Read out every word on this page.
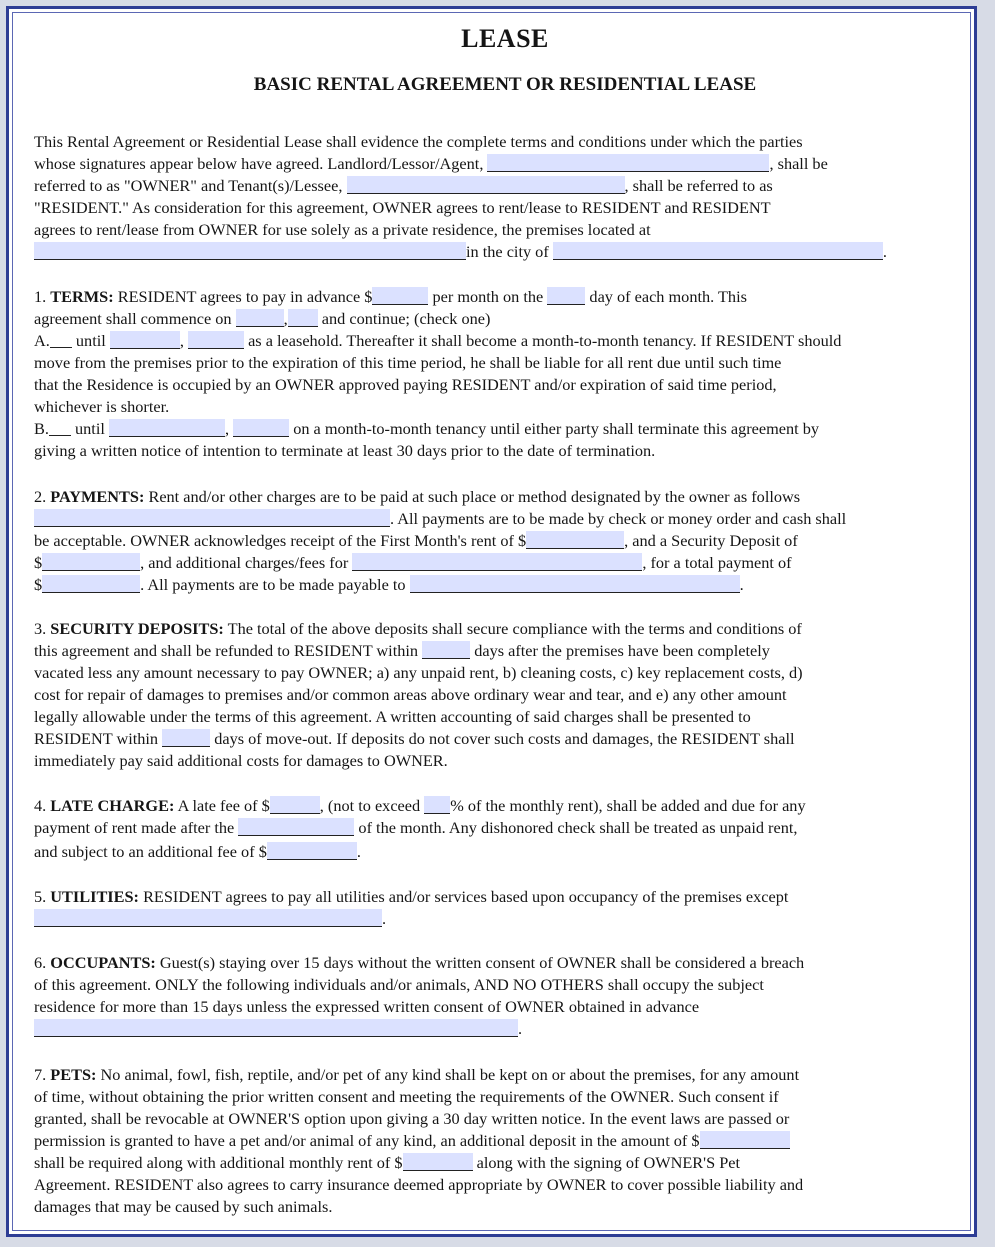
LEASE
BASIC RENTAL AGREEMENT OR RESIDENTIAL LEASE
This Rental Agreement or Residential Lease shall evidence the complete terms and conditions under which the parties
whose signatures appear below have agreed. Landlord/Lessor/Agent,	, shall be
referred to as "OWNER" and Tenant(s)/Lessee,	, shall be referred to as
"RESIDENT." As consideration for this agreement, OWNER agrees to rent/lease to RESIDENT and RESIDENT
agrees to rent/lease from OWNER for use solely as a private residence, the premises located at
in the city of	.
1. TERMS: RESIDENT agrees to pay in advance $	per month on the	day of each month. This
agreement shall commence on	, and continue; (check one)
A. until	,	as a leasehold. Thereafter it shall become a month-to-month tenancy. If RESIDENT should
move from the premises prior to the expiration of this time period, he shall be liable for all rent due until such time
that the Residence is occupied by an OWNER approved paying RESIDENT and/or expiration of said time period,
whichever is shorter.
B. until	,	on a month-to-month tenancy until either party shall terminate this agreement by
giving a written notice of intention to terminate at least 30 days prior to the date of termination.
2. PAYMENTS: Rent and/or other charges are to be paid at such place or method designated by the owner as follows
. All payments are to be made by check or money order and cash shall
be acceptable. OWNER acknowledges receipt of the First Month's rent of $	, and a Security Deposit of
$	, and additional charges/fees for	, for a total payment of
$	. All payments are to be made payable to	.
3. SECURITY DEPOSITS: The total of the above deposits shall secure compliance with the terms and conditions of
this agreement and shall be refunded to RESIDENT within	days after the premises have been completely
vacated less any amount necessary to pay OWNER; a) any unpaid rent, b) cleaning costs, c) key replacement costs, d)
cost for repair of damages to premises and/or common areas above ordinary wear and tear, and e) any other amount
legally allowable under the terms of this agreement. A written accounting of said charges shall be presented to
RESIDENT within	days of move-out. If deposits do not cover such costs and damages, the RESIDENT shall
immediately pay said additional costs for damages to OWNER.
4. LATE CHARGE: A late fee of $	, (not to exceed % of the monthly rent), shall be added and due for any
payment of rent made after the	of the month. Any dishonored check shall be treated as unpaid rent,
and subject to an additional fee of $	.
5. UTILITIES: RESIDENT agrees to pay all utilities and/or services based upon occupancy of the premises except
.
6. OCCUPANTS: Guest(s) staying over 15 days without the written consent of OWNER shall be considered a breach
of this agreement. ONLY the following individuals and/or animals, AND NO OTHERS shall occupy the subject
residence for more than 15 days unless the expressed written consent of OWNER obtained in advance
.
7. PETS: No animal, fowl, fish, reptile, and/or pet of any kind shall be kept on or about the premises, for any amount
of time, without obtaining the prior written consent and meeting the requirements of the OWNER. Such consent if
granted, shall be revocable at OWNER'S option upon giving a 30 day written notice. In the event laws are passed or
permission is granted to have a pet and/or animal of any kind, an additional deposit in the amount of $
shall be required along with additional monthly rent of $	along with the signing of OWNER'S Pet
Agreement. RESIDENT also agrees to carry insurance deemed appropriate by OWNER to cover possible liability and
damages that may be caused by such animals.
